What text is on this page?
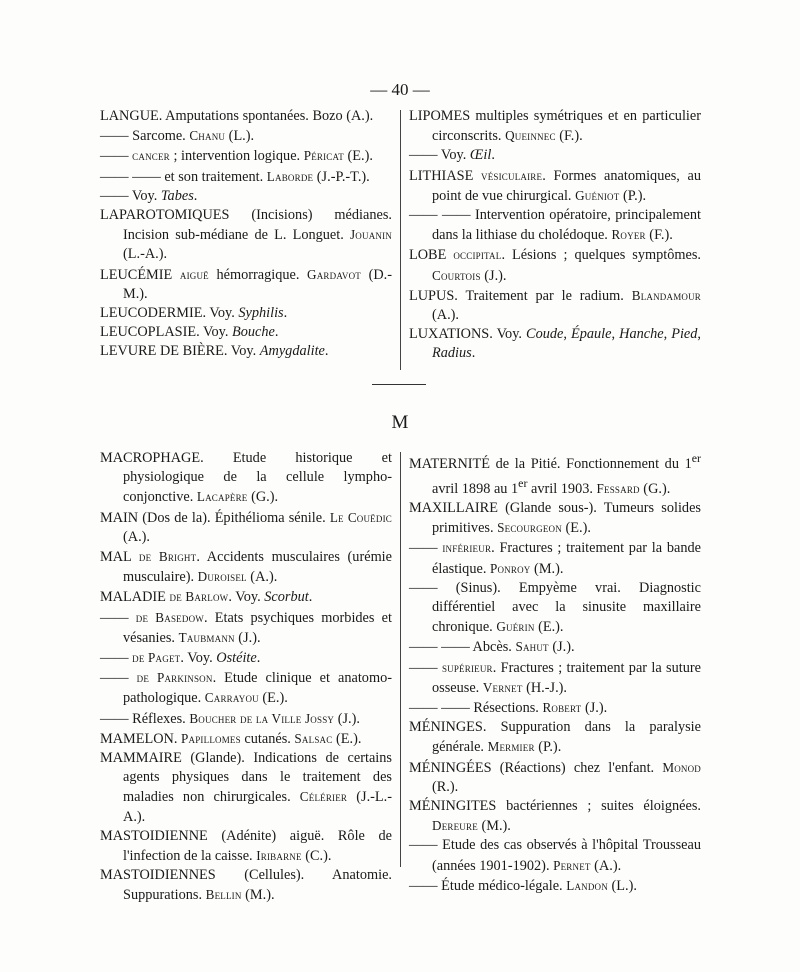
— 40 —
LANGUE. Amputations spontanées. Bozo (A.).
—— Sarcome. Chanu (L.).
—— cancer ; intervention logique. Péricat (E.).
—— —— et son traitement. Laborde (J.-P.-T.).
—— Voy. Tabes.
LAPAROTOMIQUES (Incisions) médianes. Incision sub-médiane de L. Longuet. Jouanin (L.-A.).
LEUCÉMIE aiguë hémorragique. Gardavot (D.-M.).
LEUCODERMIE. Voy. Syphilis.
LEUCOPLASIE. Voy. Bouche.
LEVURE DE BIÈRE. Voy. Amygdalite.
LIPOMES multiples symétriques et en particulier circonscrits. Queinnec (F.).
—— Voy. Œil.
LITHIASE vésiculaire. Formes anatomiques, au point de vue chirurgical. Guéniot (P.).
—— —— Intervention opératoire, principalement dans la lithiase du cholédoque. Royer (F.).
LOBE occipital. Lésions ; quelques symptômes. Courtois (J.).
LUPUS. Traitement par le radium. Blandamour (A.).
LUXATIONS. Voy. Coude, Épaule, Hanche, Pied, Radius.
M
MACROPHAGE. Etude historique et physiologique de la cellule lympho-conjonctive. Lacapère (G.).
MAIN (Dos de la). Épithélioma sénile. Le Couëdic (A.).
MAL de Bright. Accidents musculaires (urémie musculaire). Duroisel (A.).
MALADIE de Barlow. Voy. Scorbut.
—— de Basedow. Etats psychiques morbides et vésanies. Taubmann (J.).
—— de Paget. Voy. Ostéite.
—— de Parkinson. Etude clinique et anatomo-pathologique. Carrayou (E.).
—— Réflexes. Boucher de la Ville Jossy (J.).
MAMELON. Papillomes cutanés. Salsac (E.).
MAMMAIRE (Glande). Indications de certains agents physiques dans le traitement des maladies non chirurgicales. Célérier (J.-L.-A.).
MASTOIDIENNE (Adénite) aiguë. Rôle de l'infection de la caisse. Iribarne (C.).
MASTOIDIENNES (Cellules). Anatomie. Suppurations. Bellin (M.).
MATERNITÉ de la Pitié. Fonctionnement du 1er avril 1898 au 1er avril 1903. Fessard (G.).
MAXILLAIRE (Glande sous-). Tumeurs solides primitives. Secourgeon (E.).
—— inférieur. Fractures ; traitement par la bande élastique. Ponroy (M.).
—— (Sinus). Empyème vrai. Diagnostic différentiel avec la sinusite maxillaire chronique. Guérin (E.).
—— —— Abcès. Sahut (J.).
—— supérieur. Fractures ; traitement par la suture osseuse. Vernet (H.-J.).
—— —— Résections. Robert (J.).
MÉNINGES. Suppuration dans la paralysie générale. Mermier (P.).
MÉNINGÉES (Réactions) chez l'enfant. Monod (R.).
MÉNINGITES bactériennes ; suites éloignées. Dereure (M.).
—— Etude des cas observés à l'hôpital Trousseau (années 1901-1902). Pernet (A.).
—— Étude médico-légale. Landon (L.).
